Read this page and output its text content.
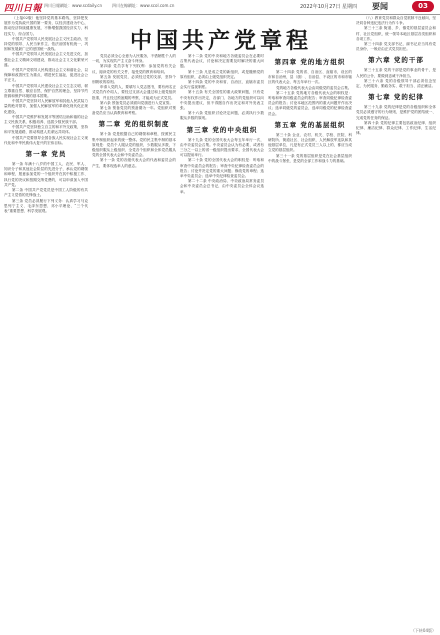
四川日報 四川日報網址：www.scdaily.cn 四川在線網址：www.scol.com.cn	2022年10月27日 星期四 要闻	03
中国共产党章程

（上接02版）他坚持党的基本路线，坚持把发展作为党执政兴国的第一要务，以经济建设为中心，推动经济持续健康发展，不断增强我国经济实力、科技实力、综合国力。

中国共产党领导人民发展社会主义民主政治，坚持党的领导、人民当家作主、依法治国有机统一，巩固和发展最广泛的爱国统一战线。

中国共产党领导人民发展社会主义先进文化，加强社会主义精神文明建设，推动社会主义文化繁荣兴盛。

中国共产党领导人民构建社会主义和谐社会，以保障和改善民生为重点，增进民生福祉，促进社会公平正义。

中国共产党领导人民建设社会主义生态文明，树立尊重自然、顺应自然、保护自然的理念，坚持节约资源和保护环境的基本国策。

中国共产党坚持对人民解放军和其他人民武装力量的绝对领导，加强人民解放军的革命化现代化正规化建设。

中国共产党维护和发展平等团结互助和谐的社会主义民族关系，积极培养、选拔少数民族干部。

中国共产党坚持独立自主的和平外交政策，坚持和平发展道路，推动构建人类命运共同体。

中国共产党要领导全国各族人民实现社会主义现代化和中华民族伟大复兴的宏伟目标。

第一章 党员

第一条 年满十八岁的中国工人、农民、军人、知识分子和其他社会阶层的先进分子，承认党的纲领和章程，愿意参加党的一个组织并在其中积极工作、执行党的决议和按期交纳党费的，可以申请加入中国共产党。

第二条 中国共产党党员是中国工人阶级的有共产主义觉悟的先锋战士。

第三条 党员必须履行下列义务：认真学习马克思列宁主义、毛泽东思想、邓小平理论、“三个代表”重要思想、科学发展观。

党员必须全心全意为人民服务，不惜牺牲个人的一切，为实现共产主义奋斗终身。

第四条 党员享有下列权利：参加党的有关会议，阅读党的有关文件，接受党的教育和培训。

第五条 发展党员，必须经过党的支部，坚持个别吸收的原则。

申请入党的人，要填写入党志愿书，要有两名正式党员作介绍人，要经过支部大会通过和上级党组织批准，并且经过预备期的考察，才能成为正式党员。

第六条 预备党员必须面向党旗进行入党宣誓。

第七条 预备党员的预备期为一年。党组织对预备党员应当认真教育和考察。

第二章 党的组织制度

第十条 党是根据自己的纲领和章程，按照民主集中制组织起来的统一整体。党的民主集中制的基本原则是：党员个人服从党的组织，少数服从多数，下级组织服从上级组织，全党各个组织和全体党员服从党的全国代表大会和中央委员会。

第十一条 党的各级代表大会的代表和委员会的产生，要体现选举人的意志。

第十二条 党的中央和地方各级委员会在必要时召集代表会议，讨论和决定需要及时解决的重大问题。

第十三条 凡是成立党的新组织，或是撤销党的原有组织，必须由上级党组织决定。

第十四条 党的中央和省、自治区、直辖市委员会实行巡视制度。

第十五条 有关全国性的重大政策问题，只有党中央有权作出决定，各部门、各地方的党组织可以向中央提出建议，但不得擅自作出决定和对外发表主张。

第十六条 党组织讨论决定问题，必须执行少数服从多数的原则。

第三章 党的中央组织

第十九条 党的全国代表大会每五年举行一次，由中央委员会召集。中央委员会认为有必要，或者有三分之一以上的省一级组织提出要求，全国代表大会可以提前举行。

第二十条 党的全国代表大会的职权是：听取和审查中央委员会的报告；审查中央纪律检查委员会的报告；讨论并决定党的重大问题；修改党的章程；选举中央委员会；选举中央纪律检查委员会。

第二十二条 中央政治局、中央政治局常务委员会和中央委员会总书记，由中央委员会全体会议选举。

第四章 党的地方组织

第二十四条 党的省、自治区、直辖市，设区的市和自治州，县（旗）、自治县、不设区的市和市辖区的代表大会，每五年举行一次。

党的地方各级代表大会由同级党的委员会召集。

第二十五条 党的地方各级代表大会的职权是：听取和审查同级委员会的报告；审查同级纪律检查委员会的报告；讨论本地区范围内的重大问题并作出决议；选举同级党的委员会，选举同级党的纪律检查委员会。

第五章 党的基层组织

第三十条 企业、农村、机关、学校、医院、科研院所、街道社区、社会组织、人民解放军连队和其他基层单位，凡是有正式党员三人以上的，都应当成立党的基层组织。

第三十一条 党的基层组织是党在社会基层组织中的战斗堡垒，是党的全部工作和战斗力的基础。

（八）教育党员和群众自觉抵制不良倾向，坚决同各种违纪违法行为作斗争。

第三十三条 街道、乡、镇党的基层委员会和村、社区党组织，统一领导本地区基层各类组织和各项工作。

第三十四条 党支部书记、副书记应当具有党员身份，一般应由正式党员担任。

第六章 党的干部

第三十五条 党的干部是党的事业的骨干，是人民的公仆，要做到忠诚干净担当。

第三十六条 党的各级领导干部必须信念坚定、为民服务、勤政务实、敢于担当、清正廉洁。

第七章 党的纪律

第三十九条 党的纪律是党的各级组织和全体党员必须遵守的行为规则，是维护党的团结统一、完成党的任务的保证。

第四十条 党的纪律主要包括政治纪律、组织纪律、廉洁纪律、群众纪律、工作纪律、生活纪律。

（下转04版）
